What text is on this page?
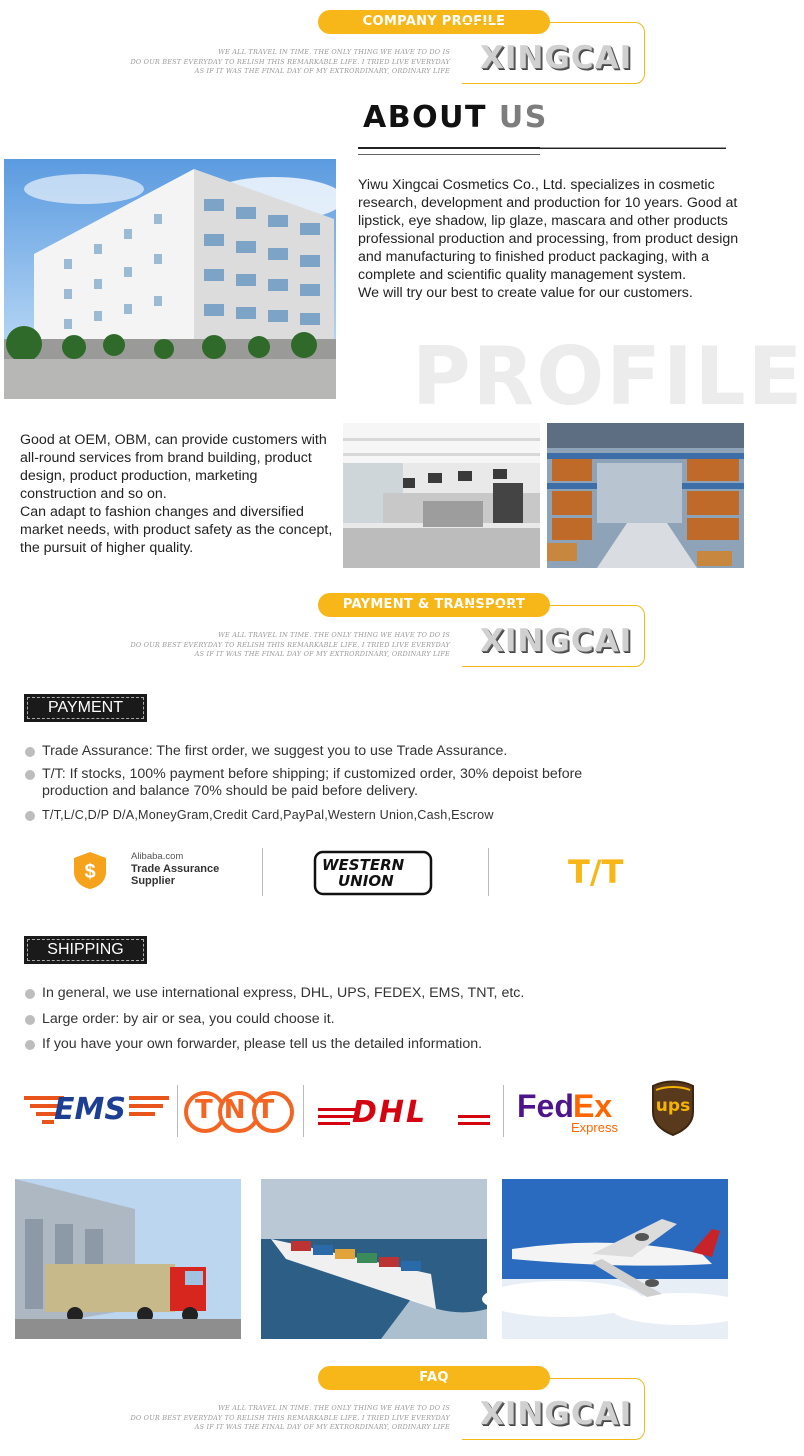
COMPANY PROFILE
WE ALL TRAVEL IN TIME. THE ONLY THING WE HAVE TO DO IS
DO OUR BEST EVERYDAY TO RELISH THIS REMARKABLE LIFE. I TRIED LIVE EVERYDAY
AS IF IT WAS THE FINAL DAY OF MY EXTRORDINARY, ORDINARY LIFE XINGCAI
ABOUT US

Yiwu Xingcai Cosmetics Co., Ltd. specializes in cosmetic research, development and production for 10 years. Good at lipstick, eye shadow, lip glaze, mascara and other products professional production and processing, from product design and manufacturing to finished product packaging, with a complete and scientific quality management system.

We will try our best to create value for our customers.

PROFILE

Good at OEM, OBM, can provide customers with all-round services from brand building, product design, product production, marketing construction and so on.

Can adapt to fashion changes and diversified market needs, with product safety as the concept, the pursuit of higher quality.

PAYMENT & TRANSPORT
WE ALL TRAVEL IN TIME. THE ONLY THING WE HAVE TO DO IS
DO OUR BEST EVERYDAY TO RELISH THIS REMARKABLE LIFE. I TRIED LIVE EVERYDAY
AS IF IT WAS THE FINAL DAY OF MY EXTRORDINARY, ORDINARY LIFE XINGCAI
PAYMENT
Trade Assurance: The first order, we suggest you to use Trade Assurance.
T/T: If stocks, 100% payment before shipping; if customized order, 30% depoist before production and balance 70% should be paid before delivery.
T/T,L/C,D/P D/A,MoneyGram,Credit Card,PayPal,Western Union,Cash,Escrow
$
Alibaba.com
Trade Assurance
Supplier
WESTERN
UNION	T/T
SHIPPING
In general, we use international express, DHL, UPS, FEDEX, EMS, TNT, etc.
Large order: by air or sea, you could choose it.
If you have your own forwarder, please tell us the detailed information.
EMS	TNT DHL	Fed Ex
Express
ups
FAQ
WE ALL TRAVEL IN TIME. THE ONLY THING WE HAVE TO DO IS
DO OUR BEST EVERYDAY TO RELISH THIS REMARKABLE LIFE. I TRIED LIVE EVERYDAY
AS IF IT WAS THE FINAL DAY OF MY EXTRORDINARY, ORDINARY LIFE XINGCAI
